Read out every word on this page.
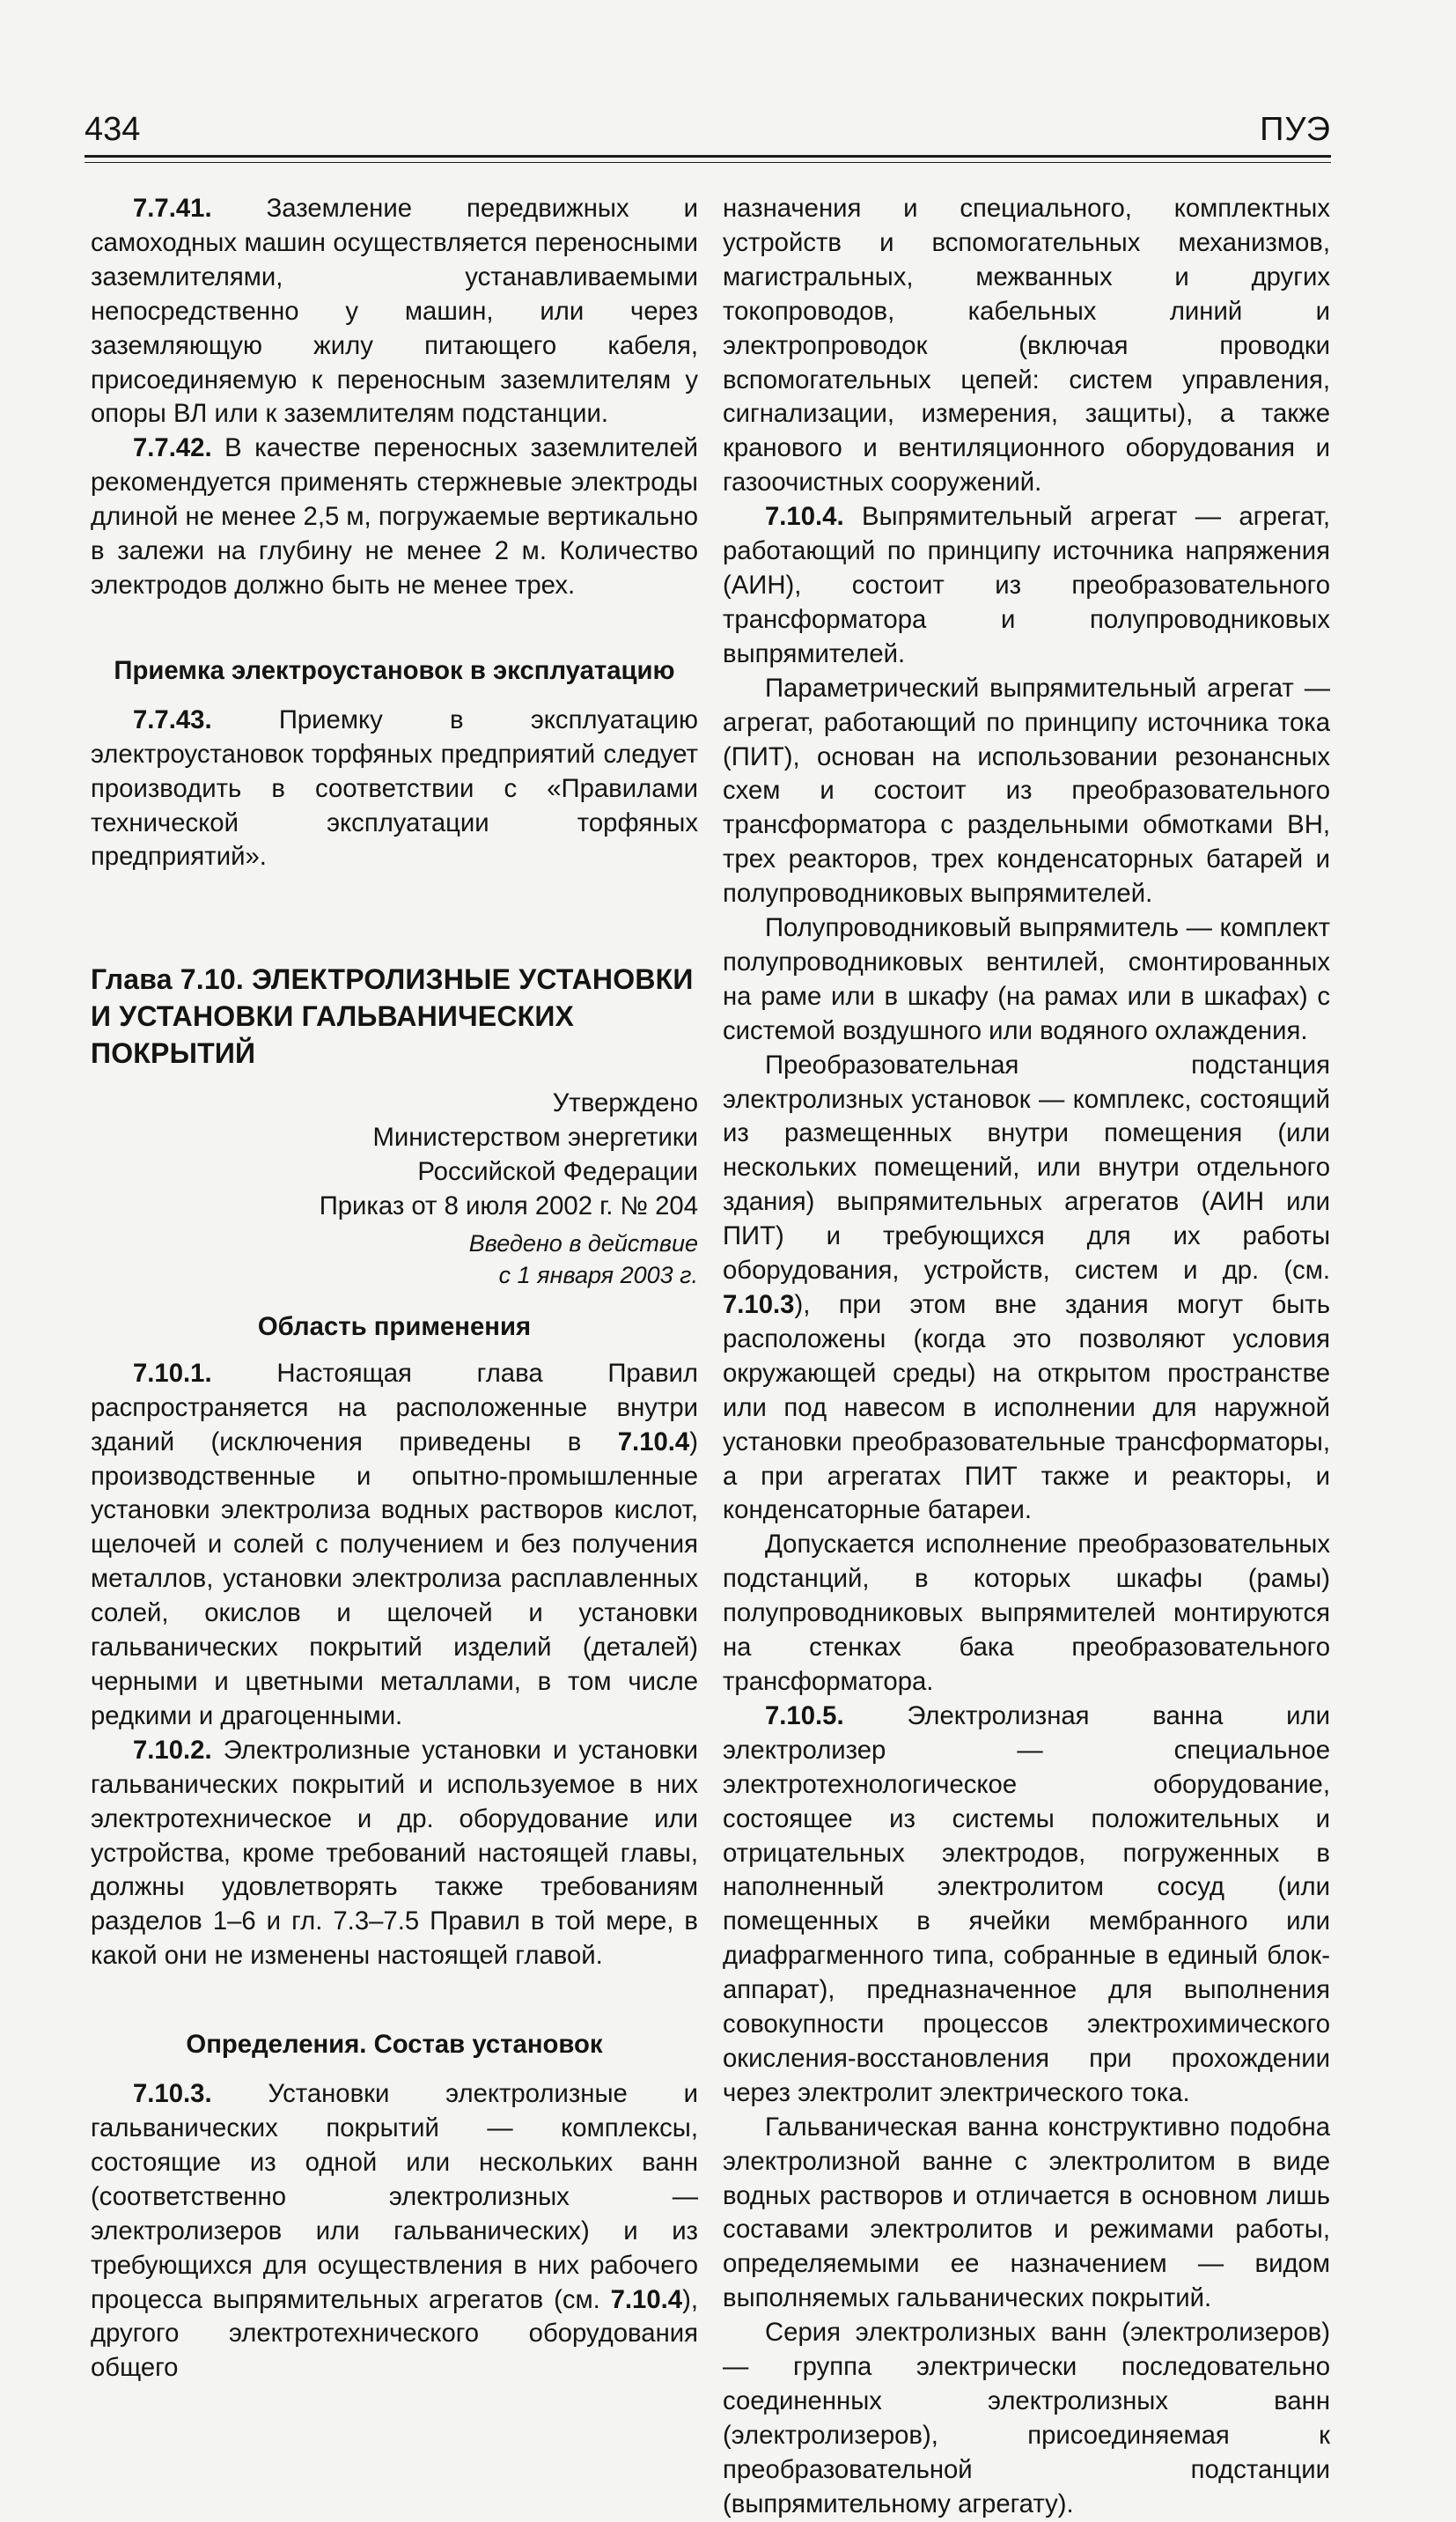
434	ПУЭ

7.7.41. Заземление передвижных и самоходных машин осуществляется переносными заземлителями, устанавливаемыми непосредственно у машин, или через заземляющую жилу питающего кабеля, присоединяемую к переносным заземлителям у опоры ВЛ или к заземлителям подстанции.

7.7.42. В качестве переносных заземлителей рекомендуется применять стержневые электроды длиной не менее 2,5 м, погружаемые вертикально в залежи на глубину не менее 2 м. Количество электродов должно быть не менее трех.

Приемка электроустановок в эксплуатацию

7.7.43. Приемку в эксплуатацию электроустановок торфяных предприятий следует производить в соответствии с «Правилами технической эксплуатации торфяных предприятий».

Глава 7.10. ЭЛЕКТРОЛИЗНЫЕ УСТАНОВКИ
И УСТАНОВКИ ГАЛЬВАНИЧЕСКИХ ПОКРЫТИЙ
Утверждено
Министерством энергетики
Российской Федерации
Приказ от 8 июля 2002 г. № 204
Введено в действие
с 1 января 2003 г.
Область применения

7.10.1. Настоящая глава Правил распространяется на расположенные внутри зданий (исключения приведены в 7.10.4) производственные и опытно-промышленные установки электролиза водных растворов кислот, щелочей и солей с получением и без получения металлов, установки электролиза расплавленных солей, окислов и щелочей и установки гальванических покрытий изделий (деталей) черными и цветными металлами, в том числе редкими и драгоценными.

7.10.2. Электролизные установки и установки гальванических покрытий и используемое в них электротехническое и др. оборудование или устройства, кроме требований настоящей главы, должны удовлетворять также требованиям разделов 1–6 и гл. 7.3–7.5 Правил в той мере, в какой они не изменены настоящей главой.

Определения. Состав установок

7.10.3. Установки электролизные и гальванических покрытий — комплексы, состоящие из одной или нескольких ванн (соответственно электролизных — электролизеров или гальванических) и из требующихся для осуществления в них рабочего процесса выпрямительных агрегатов (см. 7.10.4), другого электротехнического оборудования общего

назначения и специального, комплектных устройств и вспомогательных механизмов, магистральных, межванных и других токопроводов, кабельных линий и электропроводок (включая проводки вспомогательных цепей: систем управления, сигнализации, измерения, защиты), а также кранового и вентиляционного оборудования и газоочистных сооружений.

7.10.4. Выпрямительный агрегат — агрегат, работающий по принципу источника напряжения (АИН), состоит из преобразовательного трансформатора и полупроводниковых выпрямителей.

Параметрический выпрямительный агрегат — агрегат, работающий по принципу источника тока (ПИТ), основан на использовании резонансных схем и состоит из преобразовательного трансформатора с раздельными обмотками ВН, трех реакторов, трех конденсаторных батарей и полупроводниковых выпрямителей.

Полупроводниковый выпрямитель — комплект полупроводниковых вентилей, смонтированных на раме или в шкафу (на рамах или в шкафах) с системой воздушного или водяного охлаждения.

Преобразовательная подстанция электролизных установок — комплекс, состоящий из размещенных внутри помещения (или нескольких помещений, или внутри отдельного здания) выпрямительных агрегатов (АИН или ПИТ) и требующихся для их работы оборудования, устройств, систем и др. (см. 7.10.3), при этом вне здания могут быть расположены (когда это позволяют условия окружающей среды) на открытом пространстве или под навесом в исполнении для наружной установки преобразовательные трансформаторы, а при агрегатах ПИТ также и реакторы, и конденсаторные батареи.

Допускается исполнение преобразовательных подстанций, в которых шкафы (рамы) полупроводниковых выпрямителей монтируются на стенках бака преобразовательного трансформатора.

7.10.5. Электролизная ванна или электролизер — специальное электротехнологическое оборудование, состоящее из системы положительных и отрицательных электродов, погруженных в наполненный электролитом сосуд (или помещенных в ячейки мембранного или диафрагменного типа, собранные в единый блок-аппарат), предназначенное для выполнения совокупности процессов электрохимического окисления-восстановления при прохождении через электролит электрического тока.

Гальваническая ванна конструктивно подобна электролизной ванне с электролитом в виде водных растворов и отличается в основном лишь составами электролитов и режимами работы, определяемыми ее назначением — видом выполняемых гальванических покрытий.

Серия электролизных ванн (электролизеров) — группа электрически последовательно соединенных электролизных ванн (электролизеров), присоединяемая к преобразовательной подстанции (выпрямительному агрегату).
